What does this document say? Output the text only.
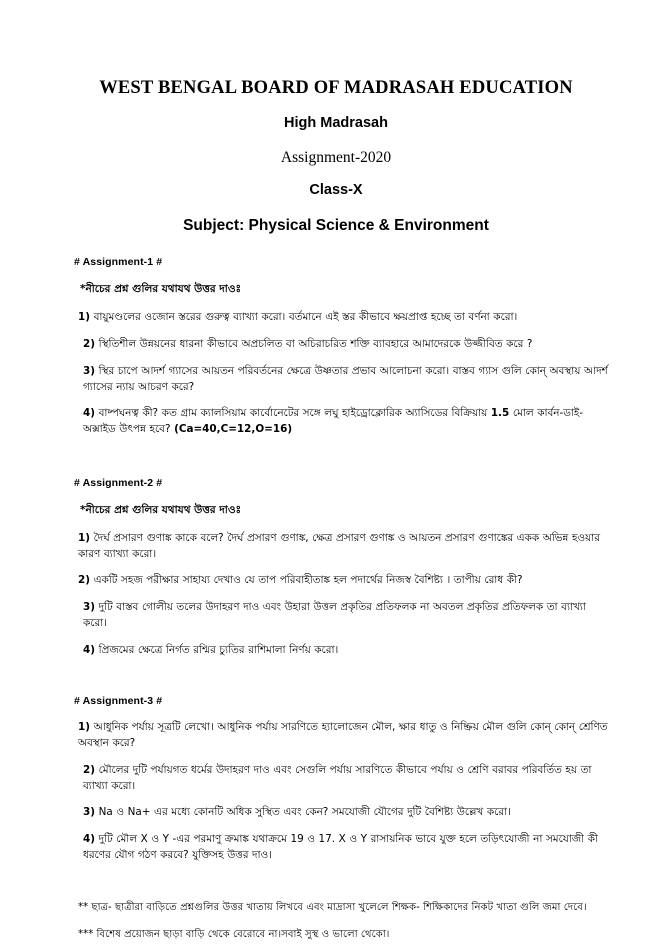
WEST BENGAL BOARD OF MADRASAH EDUCATION
High Madrasah
Assignment-2020
Class-X
Subject: Physical Science & Environment
# Assignment-1 #
*নীচের প্রশ্ন গুলির যথাযথ উত্তর দাওঃ
1) বায়ুমণ্ডলের ওজোন স্তরের গুরুত্ব ব্যাখ্যা করো। বর্তমানে এই স্তর কীভাবে ক্ষয়প্রাপ্ত হচ্ছে তা বর্ণনা করো।
2) স্থিতিশীল উন্নয়নের ধারনা কীভাবে অপ্রচলিত বা অচিরাচরিত শক্তি ব্যাবহারে আমাদেরকে উজ্জীবিত করে ?
3) স্থির চাপে আদর্শ গ্যাসের আয়তন পরিবর্তনের ক্ষেত্রে উষ্ণতার প্রভাব আলোচনা করো। বাস্তব গ্যাস গুলি কোন্ অবস্থায় আদর্শ গ্যাসের ন্যায় আচরণ করে?
4) বাষ্পঘনত্ব কী? কত গ্রাম ক্যালসিয়াম কার্বোনেটের সঙ্গে লঘু হাইড্রোক্লোরিক অ্যাসিডের বিক্রিয়ায় 1.5 মোল কার্বন-ডাই-অক্সাইড উৎপন্ন হবে? (Ca=40,C=12,O=16)
# Assignment-2 #
*নীচের প্রশ্ন গুলির যথাযথ উত্তর দাওঃ
1) দৈর্ঘ প্রসারণ গুণাঙ্ক কাকে বলে? দৈর্ঘ প্রসারণ গুণাঙ্ক, ক্ষেত্র প্রসারণ গুণাঙ্ক ও আয়তন প্রসারণ গুণাঙ্কের একক অভিন্ন হওয়ার কারণ ব্যাখ্যা করো।
2) একটি সহজ পরীক্ষার সাহায্য দেখাও যে তাপ পরিবাহীতাঙ্ক হল পদার্থের নিজস্ব বৈশিষ্ট্য । তাপীয় রোধ কী?
3) দুটি বাস্তব গোলীয় তলের উদাহরণ দাও এবং উহারা উত্তল প্রকৃতির প্রতিফলক না অবতল প্রকৃতির প্রতিফলক তা ব্যাখ্যা করো।
4) প্রিজমের ক্ষেত্রে নির্গত রশ্মির চ্যুতির রাশিমালা নির্ণয় করো।
# Assignment-3 #
1) আধুনিক পর্যায় সূত্রটি লেখো। আধুনিক পর্যায় সারণিতে হ্যালোজেন মৌল, ক্ষার ধাতু ও নিষ্ক্রিয় মৌল গুলি কোন্ কোন্ শ্রেণিত অবস্থান করে?
2) মৌলের দুটি পর্যায়গত ধর্মের উদাহরণ দাও এবং সেগুলি পর্যায় সারণিতে কীভাবে পর্যায় ও শ্রেণি বরাবর পরিবর্তিত হয় তা ব্যাখ্যা করো।
3) Na ও Na+ এর মধ্যে কোনটি অধিক সুস্থিত এবং কেন? সমযোজী যৌগের দুটি বৈশিষ্ট্য উল্লেখ করো।
4) দুটি মৌল X ও Y -এর পরমাণু ক্রমাঙ্ক যথাক্রমে 19 ও 17. X ও Y রাসায়নিক ভাবে যুক্ত হলে তড়িৎযোজী না সমযোজী কী ধরণের যৌগ গঠণ করবে? যুক্তিসহ উত্তর দাও।
** ছাত্র- ছাত্রীরা বাড়িতে প্রশ্নগুলির উত্তর খাতায় লিখবে এবং মাদ্রাসা খুলে‌লে শিক্ষক- শিক্ষিকাদের নিকট খাতা গুলি জমা দেবে।
*** বিশেষ প্রয়োজন ছাড়া বাড়ি থেকে বেরোবে না।সবাই সুস্থ ও ভালো থেকো।
